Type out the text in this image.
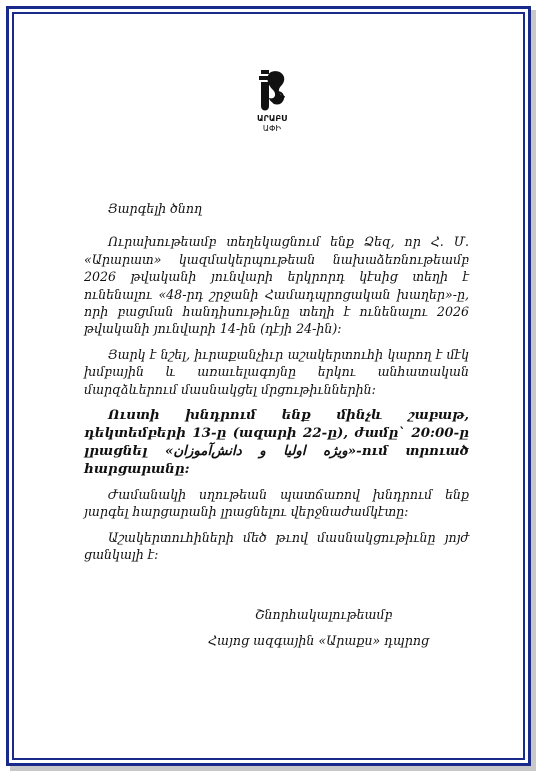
ԱՐԱԲՍ
ԱՓԻ
Յարգելի ծնող

Ուրախութեամբ տեղեկացնում ենք Ձեզ, որ Հ. Մ. «Արարատ» կազմակերպութեան նախաձեռնութեամբ 2026 թվականի յունվարի երկրորդ կէսից տեղի է ունենալու «48-րդ շրջանի Համադպրոցական խաղեր»-ը, որի բացման հանդիսութիւնը տեղի է ունենալու 2026 թվականի յունվարի 14-ին (դէյի 24-ին):

Յարկ է նշել, իւրաքանչիւր աշակերտուհի կարող է մէկ խմբային և առաւելագոյնը երկու անհատական մարզձևերում մասնակցել մրցութիւններին:

Ուստի խնդրում ենք մինչև շաբաթ, դեկտեմբերի 13-ը (ազարի 22-ը), ժամը` 20:00-ը լրացնել «ویژه اولیا و دانش‌آموزان»-ում տրուած հարցարանը:

Ժամանակի սղութեան պատճառով խնդրում ենք յարգել հարցարանի լրացնելու վերջնաժամկէտը:

Աշակերտուհիների մեծ թւով մասնակցութիւնը յոյժ ցանկալի է:

Շնորհակալութեամբ
Հայոց ազգային «Արաքս» դպրոց
